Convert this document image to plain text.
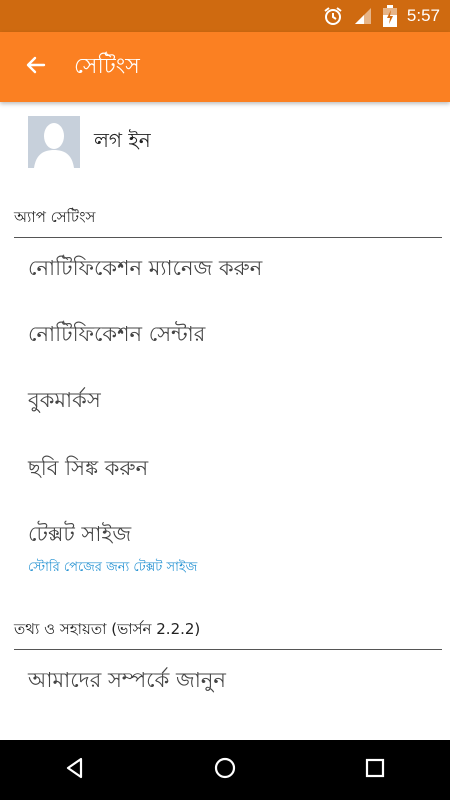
5:57
সেটিংস
লগ ইন
অ্যাপ সেটিংস
নোটিফিকেশন ম্যানেজ করুন
নোটিফিকেশন সেন্টার
বুকমার্কস
ছবি সিঙ্ক করুন
টেক্সট সাইজ
স্টোরি পেজের জন্য টেক্সট সাইজ
তথ্য ও সহায়তা (ভার্সন 2.2.2)
আমাদের সম্পর্কে জানুন
